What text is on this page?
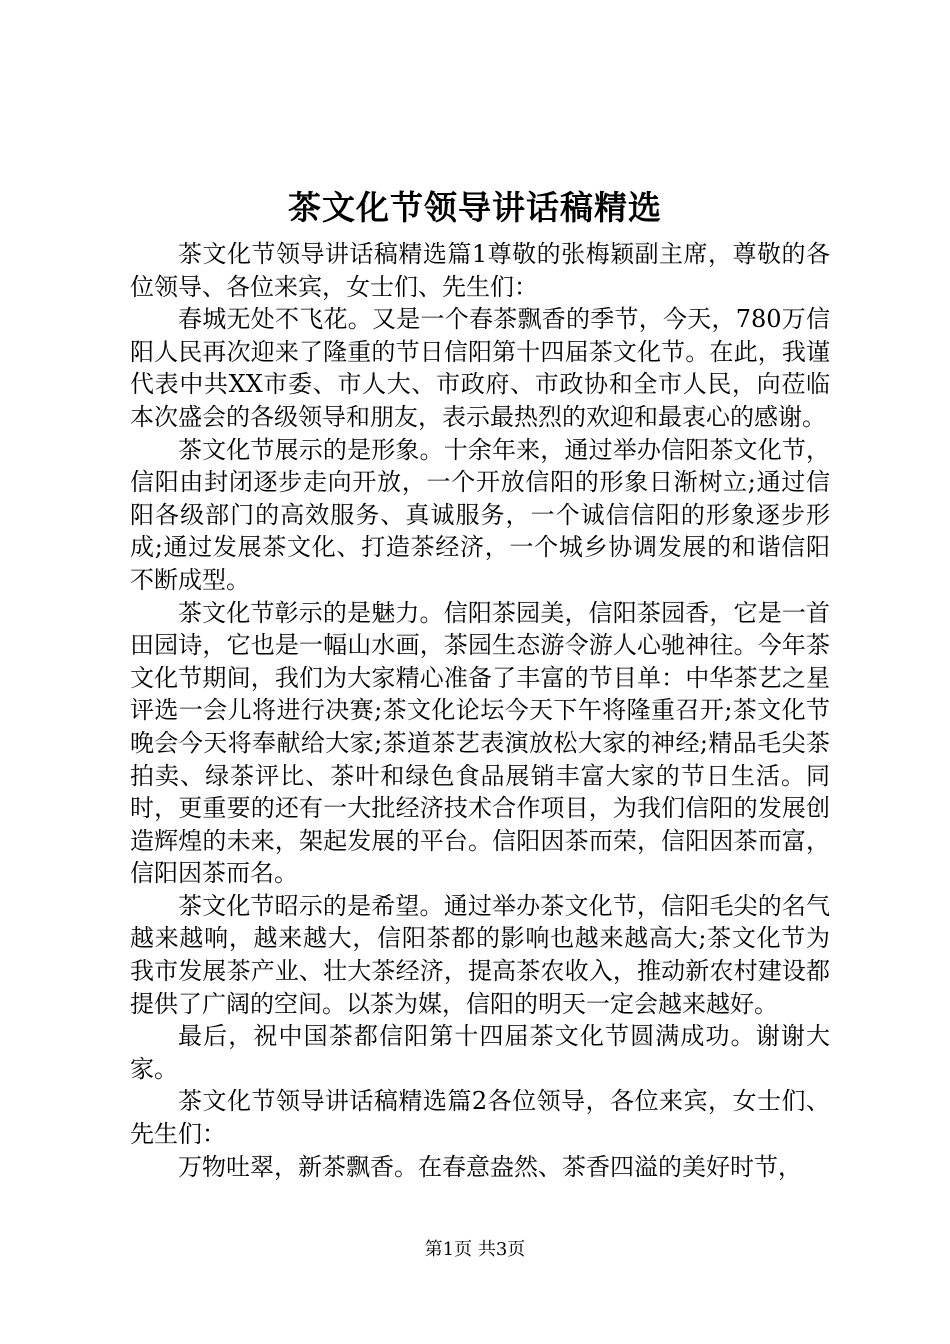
茶文化节领导讲话稿精选

茶文化节领导讲话稿精选篇1尊敬的张梅颖副主席，尊敬的各位领导、各位来宾，女士们、先生们：

春城无处不飞花。又是一个春茶飘香的季节，今天，780万信阳人民再次迎来了隆重的节日信阳第十四届茶文化节。在此，我谨代表中共XX市委、市人大、市政府、市政协和全市人民，向莅临本次盛会的各级领导和朋友，表示最热烈的欢迎和最衷心的感谢。

茶文化节展示的是形象。十余年来，通过举办信阳茶文化节，信阳由封闭逐步走向开放，一个开放信阳的形象日渐树立;通过信阳各级部门的高效服务、真诚服务，一个诚信信阳的形象逐步形成;通过发展茶文化、打造茶经济，一个城乡协调发展的和谐信阳不断成型。

茶文化节彰示的是魅力。信阳茶园美，信阳茶园香，它是一首田园诗，它也是一幅山水画，茶园生态游令游人心驰神往。今年茶文化节期间，我们为大家精心准备了丰富的节目单：中华茶艺之星评选一会儿将进行决赛;茶文化论坛今天下午将隆重召开;茶文化节晚会今天将奉献给大家;茶道茶艺表演放松大家的神经;精品毛尖茶拍卖、绿茶评比、茶叶和绿色食品展销丰富大家的节日生活。同时，更重要的还有一大批经济技术合作项目，为我们信阳的发展创造辉煌的未来，架起发展的平台。信阳因茶而荣，信阳因茶而富，信阳因茶而名。

茶文化节昭示的是希望。通过举办茶文化节，信阳毛尖的名气越来越响，越来越大，信阳茶都的影响也越来越高大;茶文化节为我市发展茶产业、壮大茶经济，提高茶农收入，推动新农村建设都提供了广阔的空间。以茶为媒，信阳的明天一定会越来越好。

最后，祝中国茶都信阳第十四届茶文化节圆满成功。谢谢大家。

茶文化节领导讲话稿精选篇2各位领导，各位来宾，女士们、先生们：

万物吐翠，新茶飘香。在春意盎然、茶香四溢的美好时节，

第1页 共3页
